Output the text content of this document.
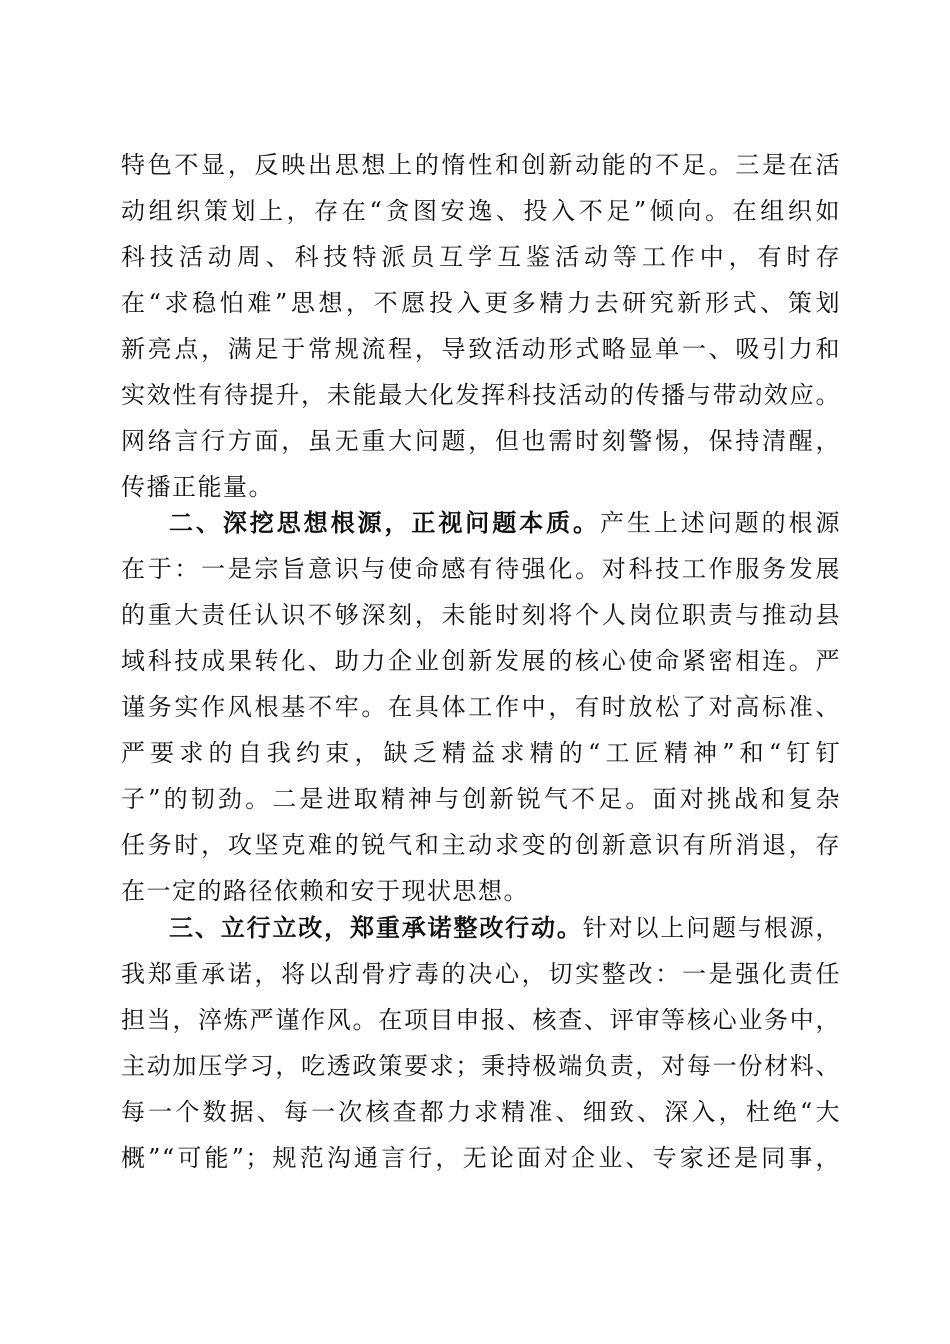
特色不显，反映出思想上的惰性和创新动能的不足。三是在活
动组织策划上，存在“贪图安逸、投入不足”倾向。在组织如
科技活动周、科技特派员互学互鉴活动等工作中，有时存
在“求稳怕难”思想，不愿投入更多精力去研究新形式、策划
新亮点，满足于常规流程，导致活动形式略显单一、吸引力和
实效性有待提升，未能最大化发挥科技活动的传播与带动效应。
网络言行方面，虽无重大问题，但也需时刻警惕，保持清醒，
传播正能量。
二、深挖思想根源，正视问题本质。产生上述问题的根源
在于：一是宗旨意识与使命感有待强化。对科技工作服务发展
的重大责任认识不够深刻，未能时刻将个人岗位职责与推动县
域科技成果转化、助力企业创新发展的核心使命紧密相连。严
谨务实作风根基不牢。在具体工作中，有时放松了对高标准、
严要求的自我约束，缺乏精益求精的“工匠精神”和“钉钉
子”的韧劲。二是进取精神与创新锐气不足。面对挑战和复杂
任务时，攻坚克难的锐气和主动求变的创新意识有所消退，存
在一定的路径依赖和安于现状思想。
三、立行立改，郑重承诺整改行动。针对以上问题与根源，
我郑重承诺，将以刮骨疗毒的决心，切实整改：一是强化责任
担当，淬炼严谨作风。在项目申报、核查、评审等核心业务中，
主动加压学习，吃透政策要求；秉持极端负责，对每一份材料、
每一个数据、每一次核查都力求精准、细致、深入，杜绝“大
概”“可能”；规范沟通言行，无论面对企业、专家还是同事，
